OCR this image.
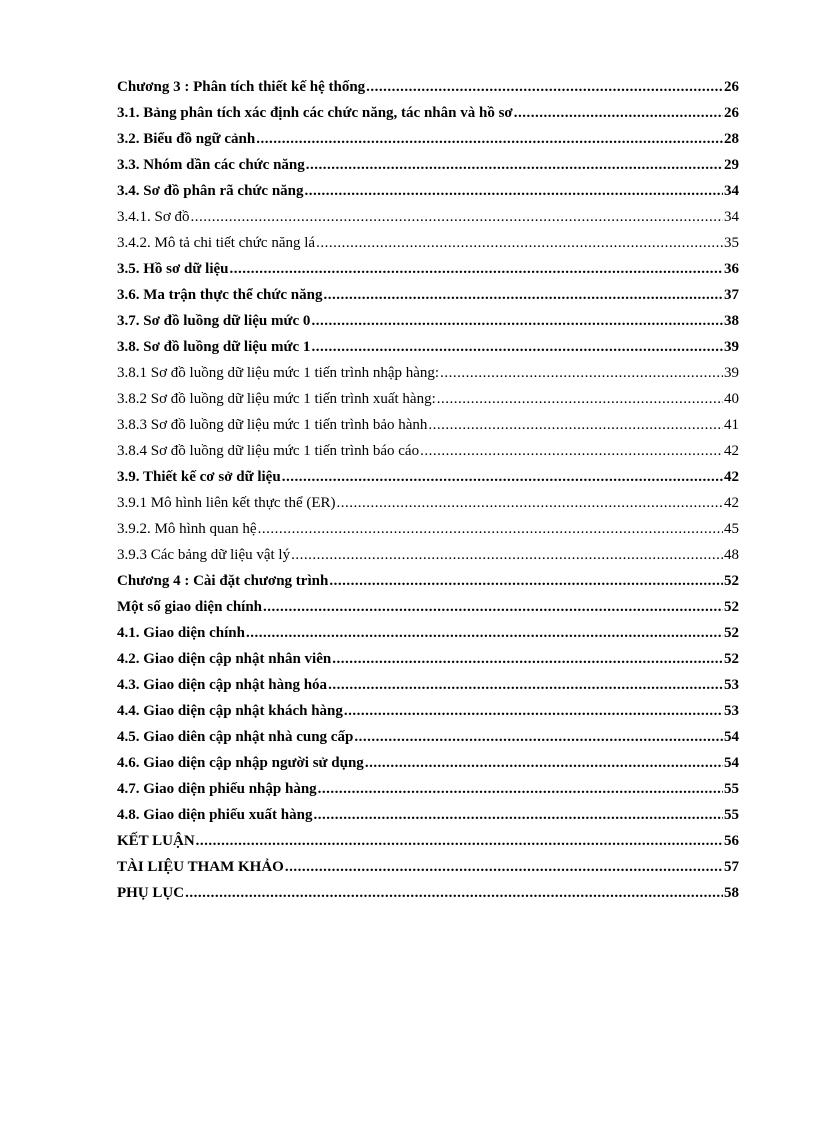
Chương 3 : Phân tích thiết kế hệ thống .....	26
3.1. Bảng phân tích xác định các chức năng, tác nhân và hồ sơ .....	26
3.2. Biểu đồ ngữ cảnh .....	28
3.3. Nhóm dần các chức năng .....	29
3.4. Sơ đồ phân rã chức năng .....	34
3.4.1. Sơ đồ .....	34
3.4.2. Mô tả chi tiết chức năng lá .....	35
3.5. Hồ sơ dữ liệu .....	36
3.6. Ma trận thực thể chức năng .....	37
3.7. Sơ đồ luồng dữ liệu mức 0 .....	38
3.8. Sơ đồ luồng dữ liệu mức 1 .....	39
3.8.1 Sơ đồ luồng dữ liệu mức 1 tiến trình nhập hàng: .....	39
3.8.2 Sơ đồ luồng dữ liệu mức 1 tiến trình xuất hàng: .....	40
3.8.3 Sơ đồ luồng dữ liệu mức 1 tiến trình bảo hành .....	41
3.8.4 Sơ đồ luồng dữ liệu mức 1 tiến trình báo cáo .....	42
3.9. Thiết kế cơ sở dữ liệu .....	42
3.9.1 Mô hình liên kết thực thể (ER) .....	42
3.9.2. Mô hình quan hệ .....	45
3.9.3 Các bảng dữ liệu vật lý .....	48
Chương 4 : Cài đặt chương trình .....	52
Một số giao diện chính .....	52
4.1. Giao diện chính .....	52
4.2. Giao diện cập nhật nhân viên .....	52
4.3. Giao diện cập nhật hàng hóa .....	53
4.4. Giao diện cập nhật khách hàng .....	53
4.5. Giao diên cập nhật nhà cung cấp .....	54
4.6. Giao diện cập nhập người sử dụng .....	54
4.7. Giao diện phiếu nhập hàng .....	55
4.8. Giao diện phiếu xuất hàng .....	55
KẾT LUẬN .....	56
TÀI LIỆU THAM KHẢO .....	57
PHỤ LỤC .....	58
